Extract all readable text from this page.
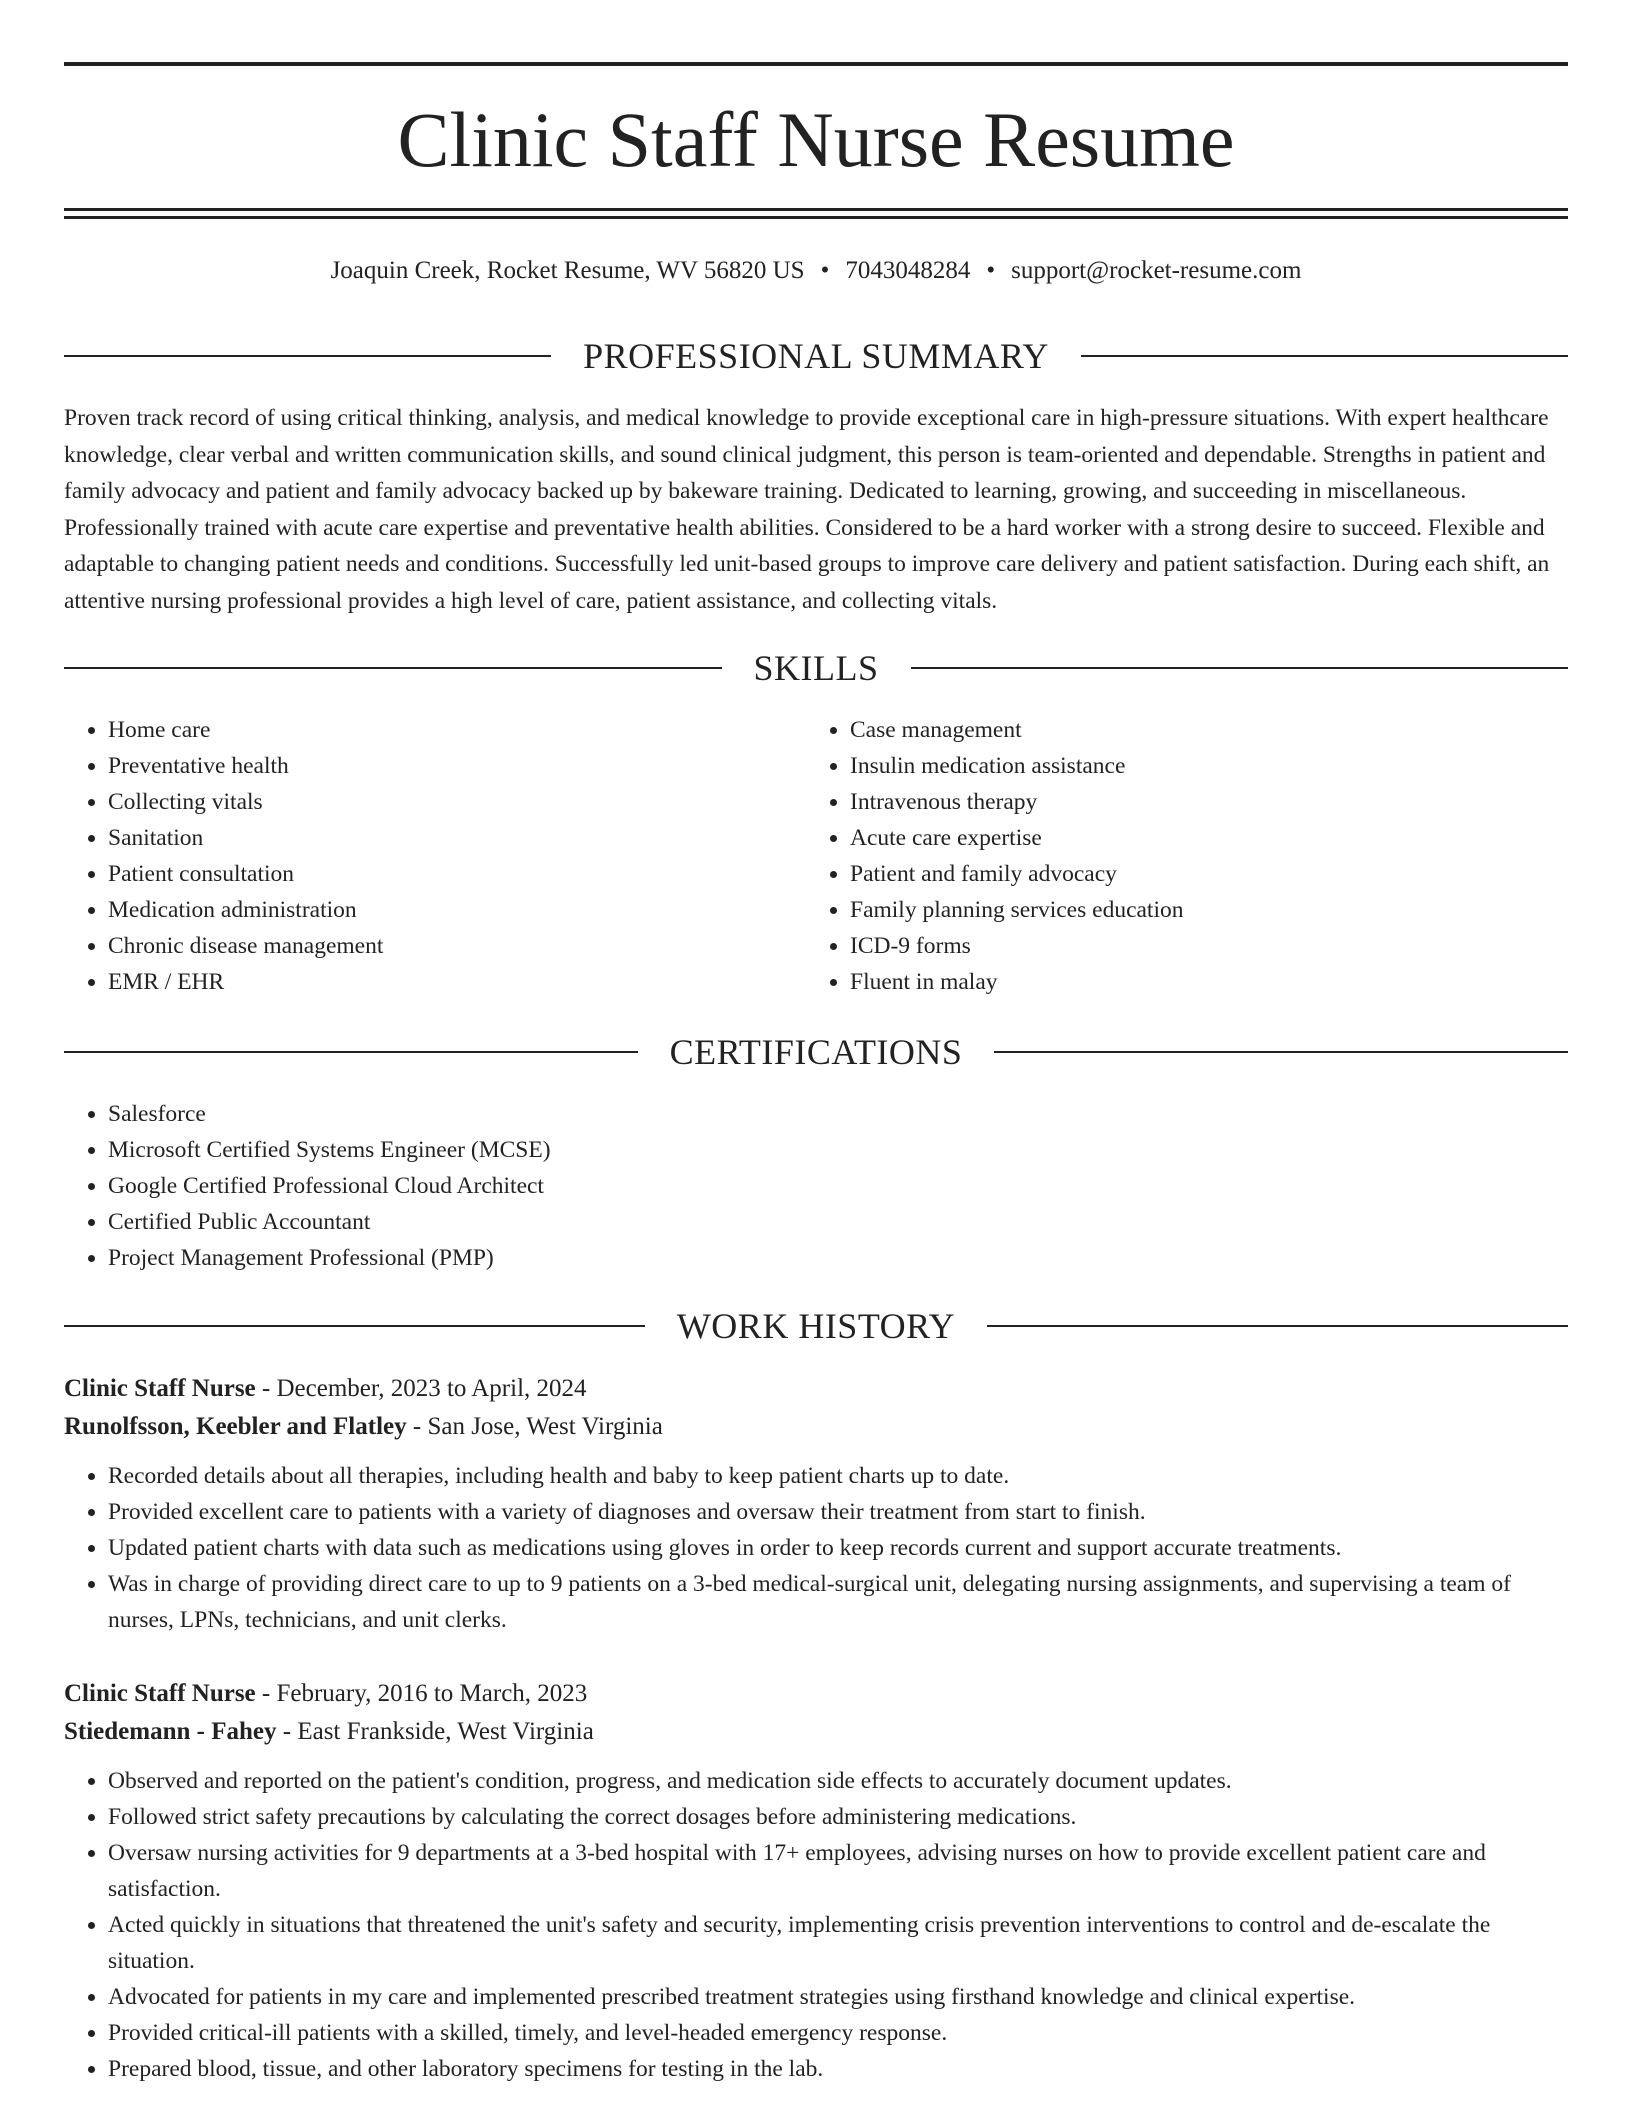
Clinic Staff Nurse Resume
Joaquin Creek, Rocket Resume, WV 56820 US • 7043048284 • support@rocket-resume.com
PROFESSIONAL SUMMARY

Proven track record of using critical thinking, analysis, and medical knowledge to provide exceptional care in high-pressure situations. With expert healthcare knowledge, clear verbal and written communication skills, and sound clinical judgment, this person is team-oriented and dependable. Strengths in patient and family advocacy and patient and family advocacy backed up by bakeware training. Dedicated to learning, growing, and succeeding in miscellaneous. Professionally trained with acute care expertise and preventative health abilities. Considered to be a hard worker with a strong desire to succeed. Flexible and adaptable to changing patient needs and conditions. Successfully led unit-based groups to improve care delivery and patient satisfaction. During each shift, an attentive nursing professional provides a high level of care, patient assistance, and collecting vitals.

SKILLS
• Home care
• Preventative health
• Collecting vitals
• Sanitation
• Patient consultation
• Medication administration
• Chronic disease management
• EMR / EHR
• Case management
• Insulin medication assistance
• Intravenous therapy
• Acute care expertise
• Patient and family advocacy
• Family planning services education
• ICD-9 forms
• Fluent in malay
CERTIFICATIONS
• Salesforce
• Microsoft Certified Systems Engineer (MCSE)
• Google Certified Professional Cloud Architect
• Certified Public Accountant
• Project Management Professional (PMP)
WORK HISTORY

Clinic Staff Nurse - December, 2023 to April, 2024

Runolfsson, Keebler and Flatley - San Jose, West Virginia

• Recorded details about all therapies, including health and baby to keep patient charts up to date.
• Provided excellent care to patients with a variety of diagnoses and oversaw their treatment from start to finish.
• Updated patient charts with data such as medications using gloves in order to keep records current and support accurate treatments.
• Was in charge of providing direct care to up to 9 patients on a 3-bed medical-surgical unit, delegating nursing assignments, and supervising a team of nurses, LPNs, technicians, and unit clerks.

Clinic Staff Nurse - February, 2016 to March, 2023

Stiedemann - Fahey - East Frankside, West Virginia

• Observed and reported on the patient's condition, progress, and medication side effects to accurately document updates.
• Followed strict safety precautions by calculating the correct dosages before administering medications.
• Oversaw nursing activities for 9 departments at a 3-bed hospital with 17+ employees, advising nurses on how to provide excellent patient care and satisfaction.
• Acted quickly in situations that threatened the unit's safety and security, implementing crisis prevention interventions to control and de-escalate the situation.
• Advocated for patients in my care and implemented prescribed treatment strategies using firsthand knowledge and clinical expertise.
• Provided critical-ill patients with a skilled, timely, and level-headed emergency response.
• Prepared blood, tissue, and other laboratory specimens for testing in the lab.
